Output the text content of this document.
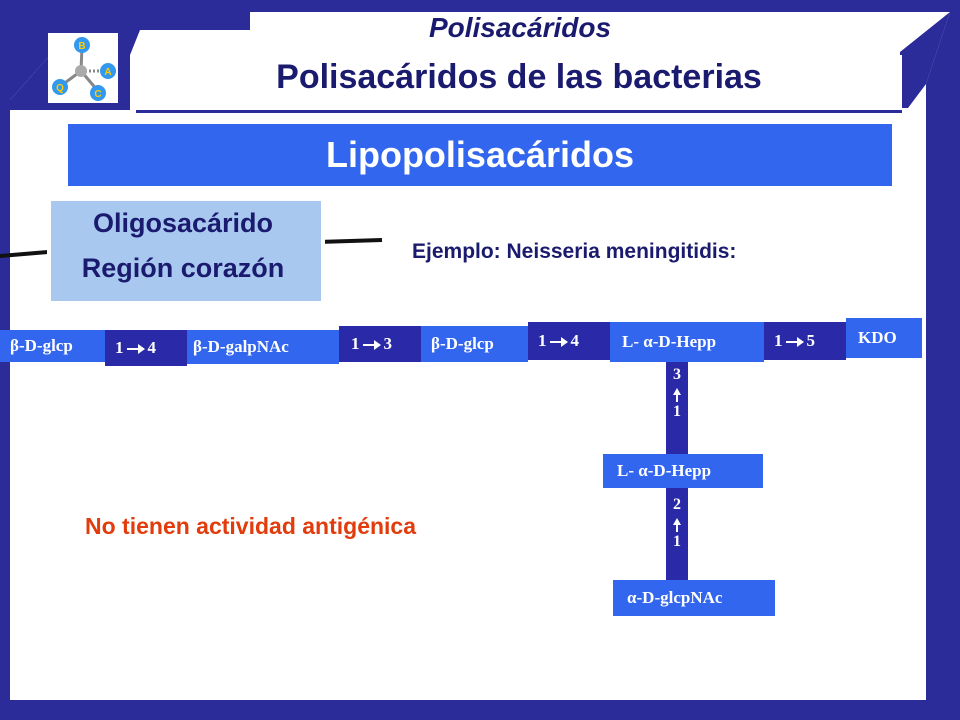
Polisacáridos
B
A
C
Q	Polisacáridos de las bacterias
Lipopolisacáridos
Oligosacárido
Región corazón
Ejemplo: Neisseria meningitidis:
β-D-glcp	1 4	β-D-galpNAc	1 3	β-D-glcp	1 4	L- α-D-Hepp	1 5	KDO
3
1
L- α-D-Hepp
2
1
α-D-glcpNAc
No tienen actividad antigénica
